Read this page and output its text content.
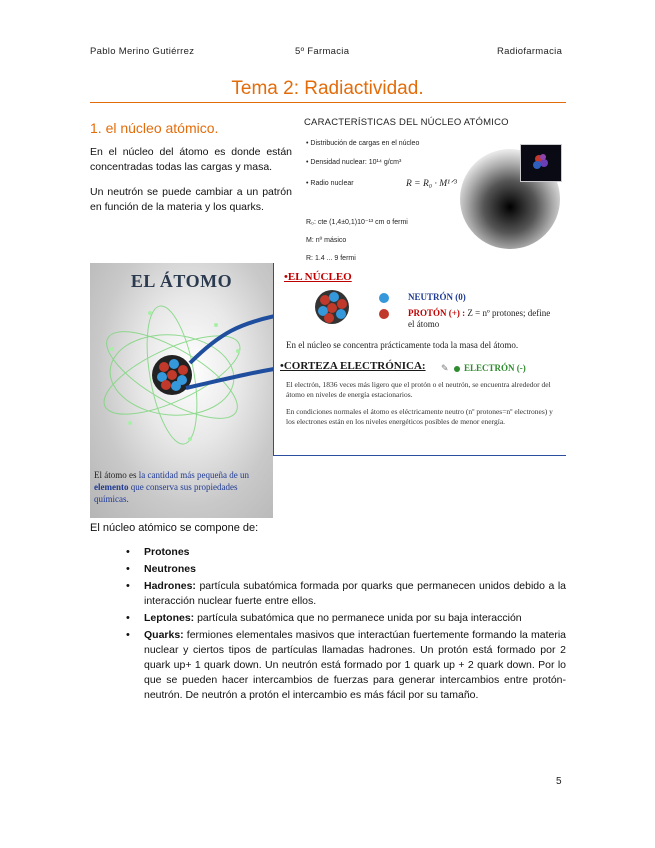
Pablo Merino Gutiérrez	5º Farmacia	Radiofarmacia
Tema 2: Radiactividad.
1. el núcleo atómico.

En el núcleo del átomo es donde están concentradas todas las cargas y masa.

Un neutrón se puede cambiar a un patrón en función de la materia y los quarks.

CARACTERÍSTICAS DEL NÚCLEO ATÓMICO
• Distribución de cargas en el núcleo
• Densidad nuclear: 10¹⁴ g/cm³
• Radio nuclear	R = R₀ · M¹ᐟ³
R₀: cte (1,4±0,1)10⁻¹³ cm o fermi
M: nº másico
R: 1,4 ... 9 fermi
EL ÁTOMO
El átomo es la cantidad más pequeña de un elemento que conserva sus propiedades químicas.
•EL NÚCLEO
NEUTRÓN (0)
PROTÓN (+) : Z = nº protones; define el átomo
En el núcleo se concentra prácticamente toda la masa del átomo.
•CORTEZA ELECTRÓNICA: ✎ ELECTRÓN (-)
El electrón, 1836 veces más ligero que el protón o el neutrón, se encuentra alrededor del átomo en niveles de energía estacionarios.
En condiciones normales el átomo es eléctricamente neutro (nº protones=nº electrones) y los electrones están en los niveles energéticos posibles de menor energía.
El núcleo atómico se compone de:
• Protones
• Neutrones
• Hadrones: partícula subatómica formada por quarks que permanecen unidos debido a la interacción nuclear fuerte entre ellos.
• Leptones: partícula subatómica que no permanece unida por su baja interacción
• Quarks: fermiones elementales masivos que interactúan fuertemente formando la materia nuclear y ciertos tipos de partículas llamadas hadrones. Un protón está formado por 2 quark up+ 1 quark down. Un neutrón está formado por 1 quark up + 2 quark down. Por lo que se pueden hacer intercambios de fuerzas para generar intercambios entre protón-neutrón. De neutrón a protón el intercambio es más fácil por su tamaño.
5
